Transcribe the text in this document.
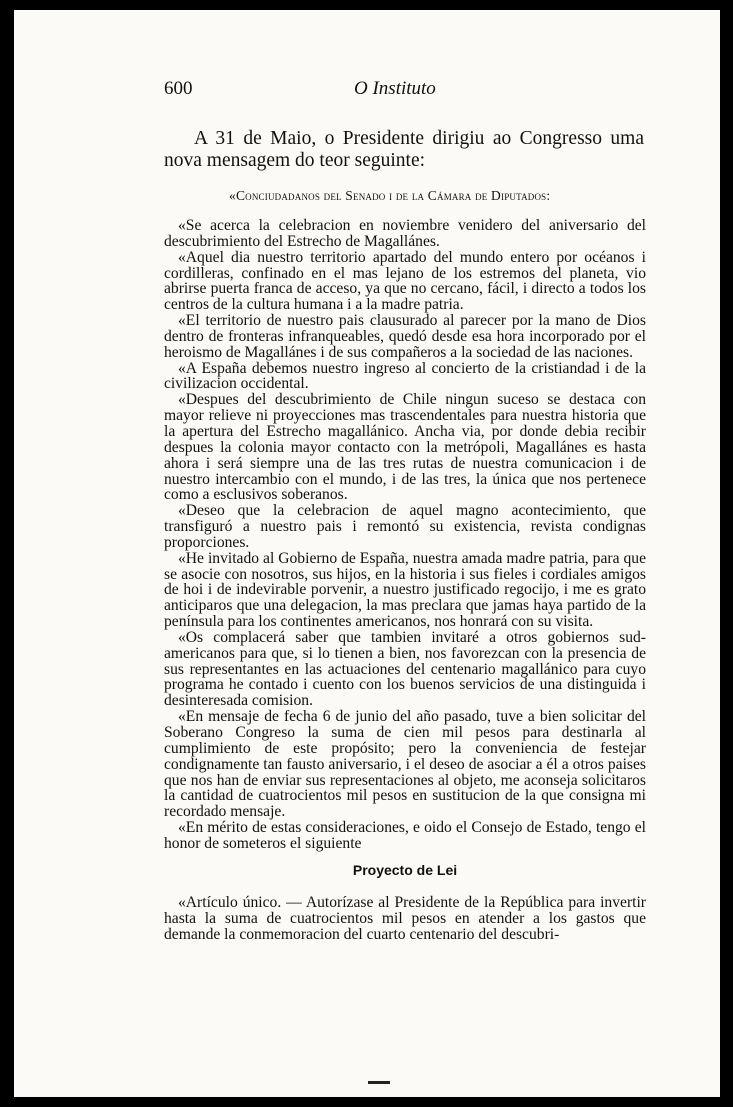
600	O Instituto

A 31 de Maio, o Presidente dirigiu ao Congresso uma nova mensagem do teor seguinte:

«Conciudadanos del Senado i de la Cámara de Diputados:

«Se acerca la celebracion en noviembre venidero del aniversario del descubrimiento del Estrecho de Magallánes.

«Aquel dia nuestro territorio apartado del mundo entero por océanos i cordilleras, confinado en el mas lejano de los estremos del planeta, vio abrirse puerta franca de acceso, ya que no cercano, fácil, i directo a todos los centros de la cultura humana i a la madre patria.

«El territorio de nuestro pais clausurado al parecer por la mano de Dios dentro de fronteras infranqueables, quedó desde esa hora incorporado por el heroismo de Magallánes i de sus compañeros a la sociedad de las naciones.

«A España debemos nuestro ingreso al concierto de la cristiandad i de la civilizacion occidental.

«Despues del descubrimiento de Chile ningun suceso se destaca con mayor relieve ni proyecciones mas trascendentales para nuestra historia que la apertura del Estrecho magallánico. Ancha via, por donde debia recibir despues la colonia mayor contacto con la metrópoli, Magallánes es hasta ahora i será siempre una de las tres rutas de nuestra comunicacion i de nuestro intercambio con el mundo, i de las tres, la única que nos pertenece como a esclusivos soberanos.

«Deseo que la celebracion de aquel magno acontecimiento, que transfiguró a nuestro pais i remontó su existencia, revista condignas proporciones.

«He invitado al Gobierno de España, nuestra amada madre patria, para que se asocie con nosotros, sus hijos, en la historia i sus fieles i cordiales amigos de hoi i de indevirable porvenir, a nuestro justificado regocijo, i me es grato anticiparos que una delegacion, la mas preclara que jamas haya partido de la península para los continentes americanos, nos honrará con su visita.

«Os complacerá saber que tambien invitaré a otros gobiernos sud-americanos para que, si lo tienen a bien, nos favorezcan con la presencia de sus representantes en las actuaciones del centenario magallánico para cuyo programa he contado i cuento con los buenos servicios de una distinguida i desinteresada comision.

«En mensaje de fecha 6 de junio del año pasado, tuve a bien solicitar del Soberano Congreso la suma de cien mil pesos para destinarla al cumplimiento de este propósito; pero la conveniencia de festejar condignamente tan fausto aniversario, i el deseo de asociar a él a otros paises que nos han de enviar sus representaciones al objeto, me aconseja solicitaros la cantidad de cuatrocientos mil pesos en sustitucion de la que consigna mi recordado mensaje.

«En mérito de estas consideraciones, e oido el Consejo de Estado, tengo el honor de someteros el siguiente

Proyecto de Lei

«Artículo único. — Autorízase al Presidente de la República para invertir hasta la suma de cuatrocientos mil pesos en atender a los gastos que demande la conmemoracion del cuarto centenario del descubri-
